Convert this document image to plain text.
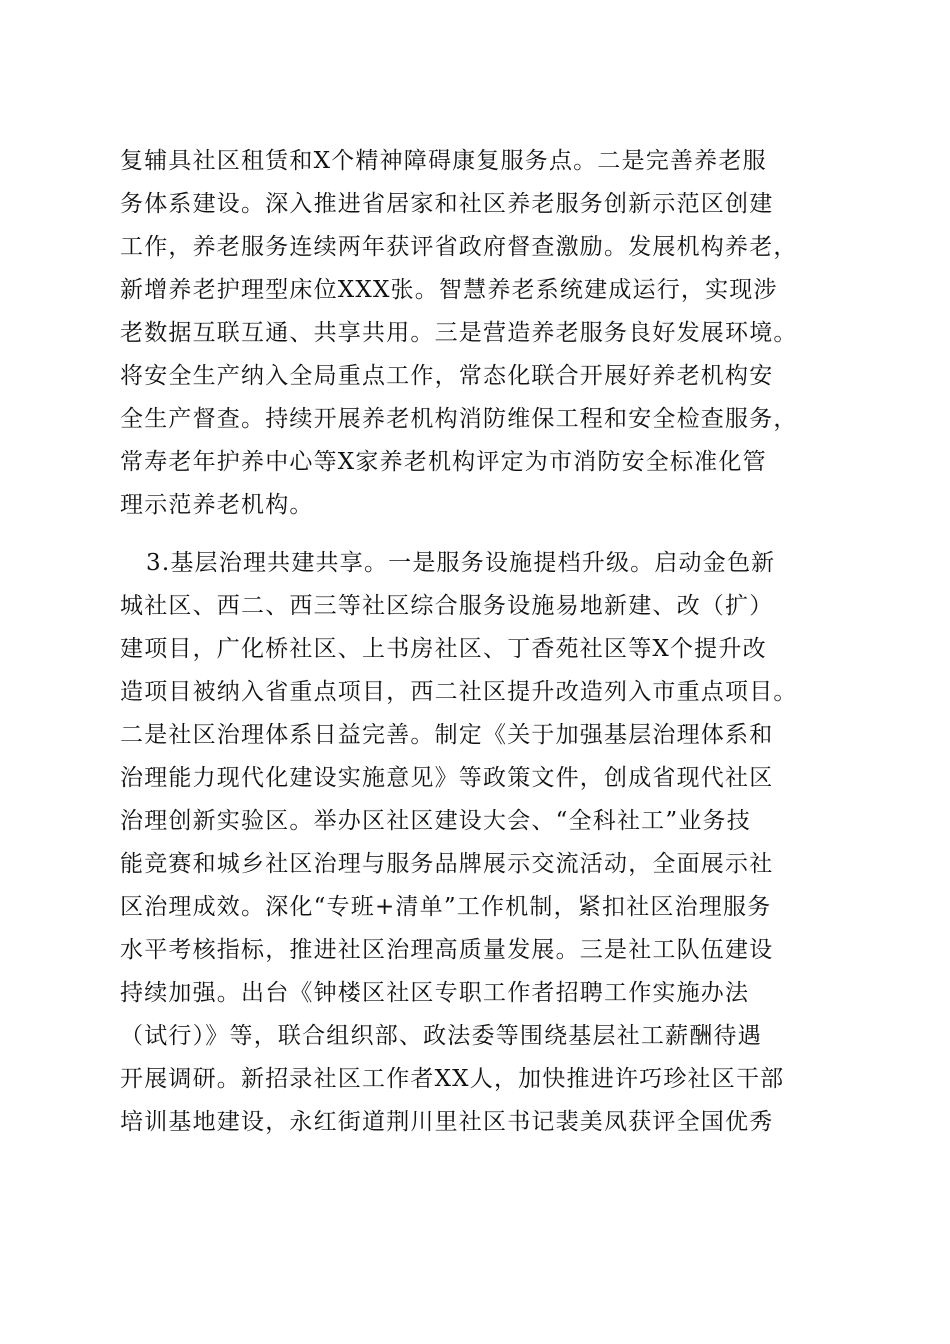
复辅具社区租赁和X个精神障碍康复服务点。二是完善养老服
务体系建设。深入推进省居家和社区养老服务创新示范区创建
工作，养老服务连续两年获评省政府督查激励。发展机构养老，
新增养老护理型床位XXX张。智慧养老系统建成运行，实现涉
老数据互联互通、共享共用。三是营造养老服务良好发展环境。
将安全生产纳入全局重点工作，常态化联合开展好养老机构安
全生产督查。持续开展养老机构消防维保工程和安全检查服务，
常寿老年护养中心等X家养老机构评定为市消防安全标准化管
理示范养老机构。
3.基层治理共建共享。一是服务设施提档升级。启动金色新
城社区、西二、西三等社区综合服务设施易地新建、改（扩）
建项目，广化桥社区、上书房社区、丁香苑社区等X个提升改
造项目被纳入省重点项目，西二社区提升改造列入市重点项目。
二是社区治理体系日益完善。制定《关于加强基层治理体系和
治理能力现代化建设实施意见》等政策文件，创成省现代社区
治理创新实验区。举办区社区建设大会、“全科社工”业务技
能竞赛和城乡社区治理与服务品牌展示交流活动，全面展示社
区治理成效。深化“专班+清单”工作机制，紧扣社区治理服务
水平考核指标，推进社区治理高质量发展。三是社工队伍建设
持续加强。出台《钟楼区社区专职工作者招聘工作实施办法
（试行）》等，联合组织部、政法委等围绕基层社工薪酬待遇
开展调研。新招录社区工作者XX人，加快推进许巧珍社区干部
培训基地建设，永红街道荆川里社区书记裴美凤获评全国优秀
